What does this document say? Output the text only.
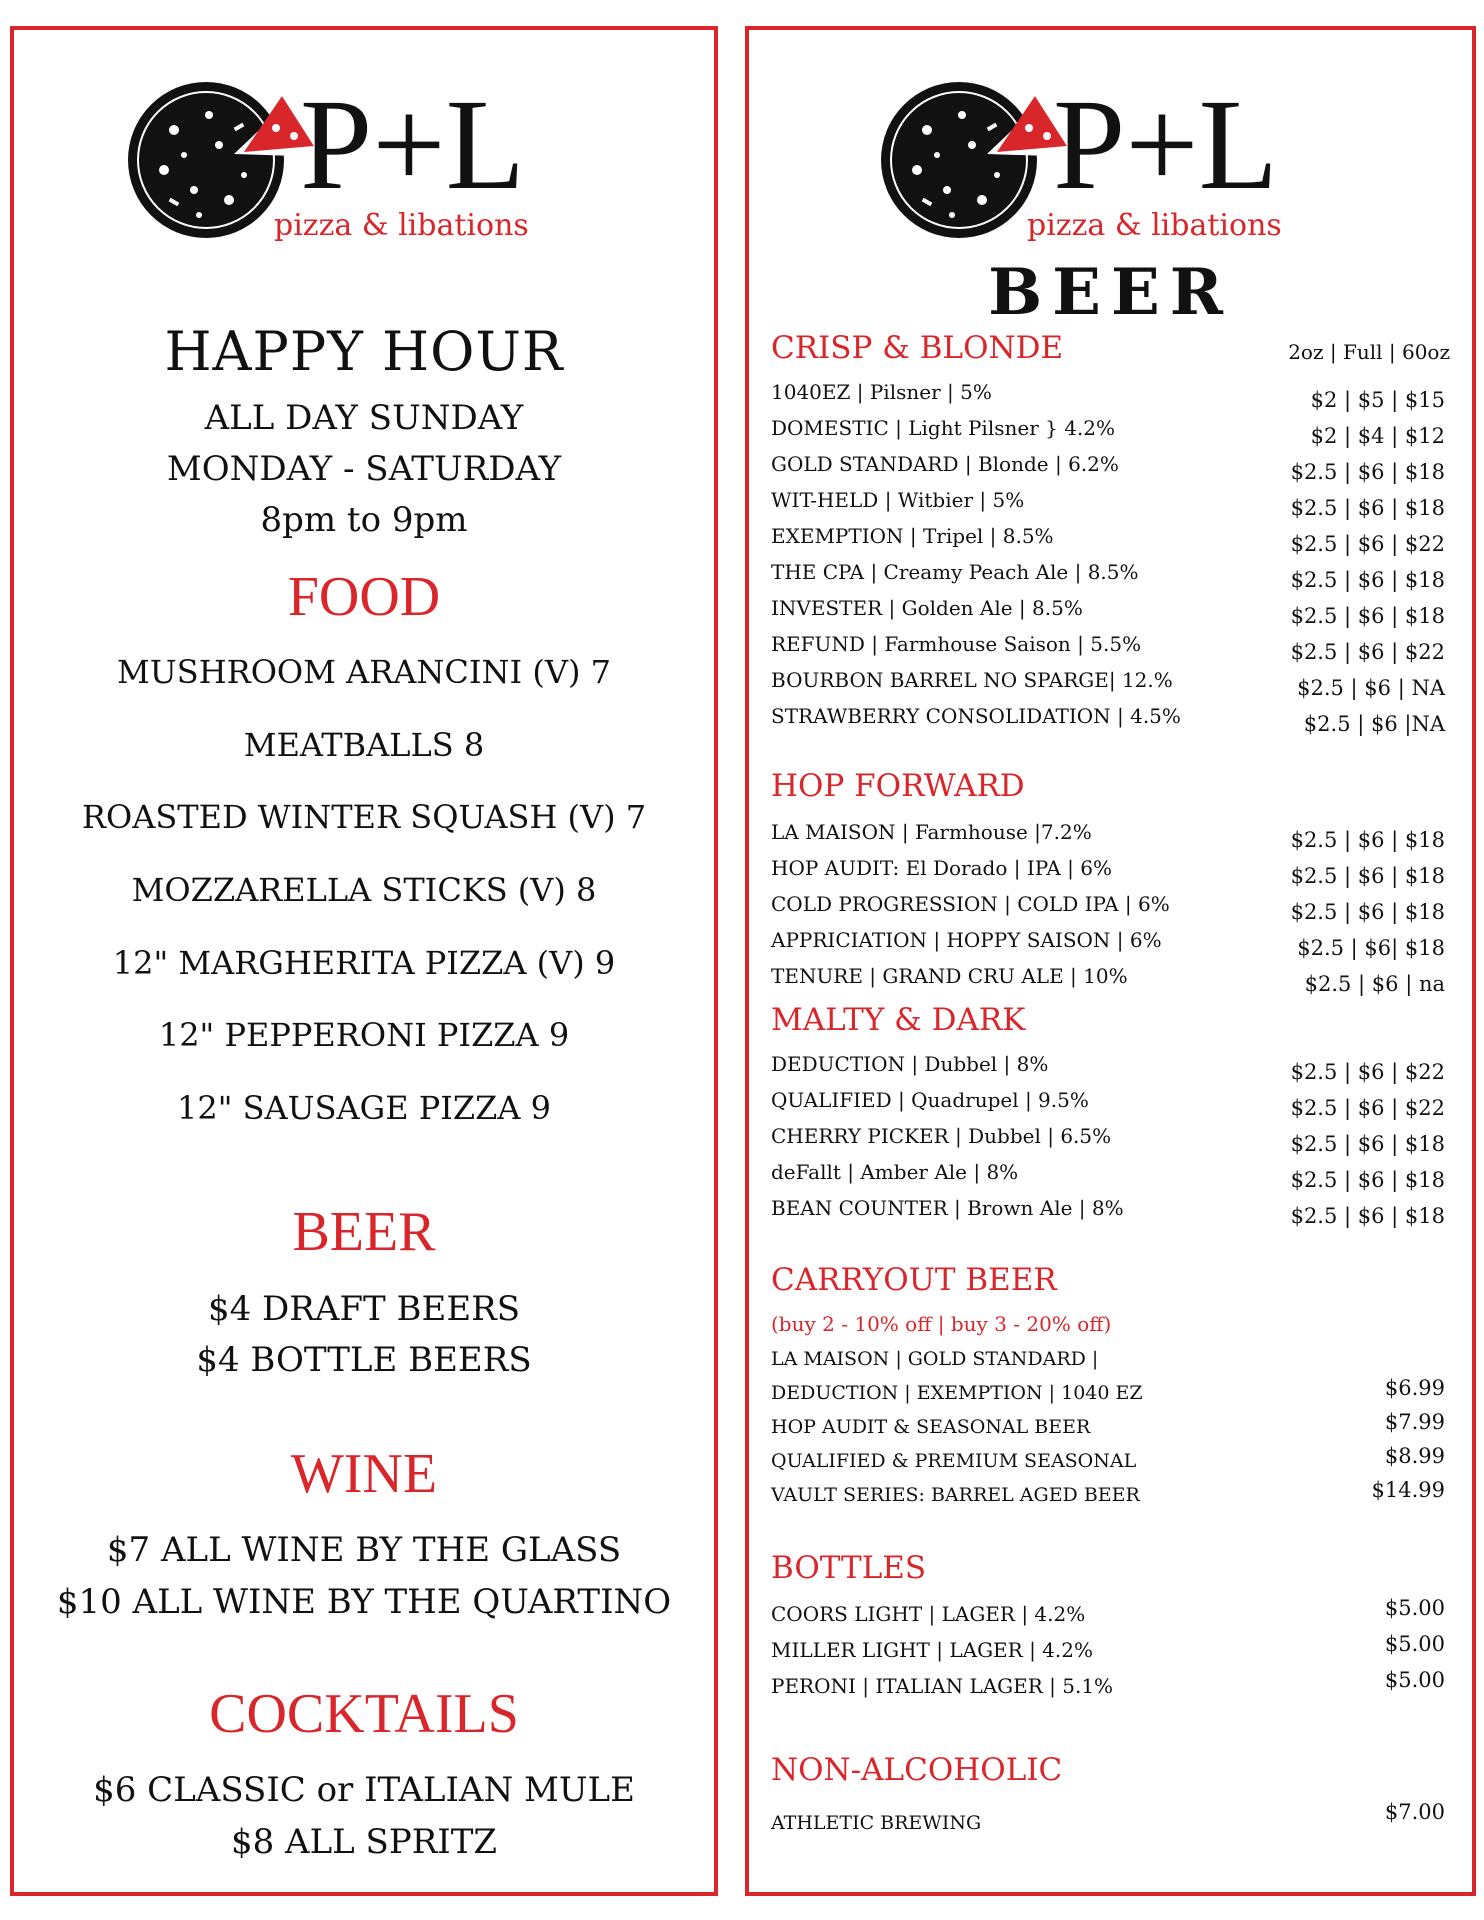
P+L
pizza & libations
HAPPY HOUR
ALL DAY SUNDAY
MONDAY - SATURDAY
8pm to 9pm
FOOD
MUSHROOM ARANCINI (V) 7
MEATBALLS 8
ROASTED WINTER SQUASH (V) 7
MOZZARELLA STICKS (V) 8
12" MARGHERITA PIZZA (V) 9
12" PEPPERONI PIZZA 9
12" SAUSAGE PIZZA 9
BEER
$4 DRAFT BEERS
$4 BOTTLE BEERS
WINE
$7 ALL WINE BY THE GLASS
$10 ALL WINE BY THE QUARTINO
COCKTAILS
$6 CLASSIC or ITALIAN MULE
$8 ALL SPRITZ
P+L
pizza & libations
BEER
CRISP & BLONDE	2oz | Full | 60oz
1040EZ | Pilsner | 5%	$2 | $5 | $15
DOMESTIC | Light Pilsner } 4.2%	$2 | $4 | $12
GOLD STANDARD | Blonde | 6.2%	$2.5 | $6 | $18
WIT-HELD | Witbier | 5%	$2.5 | $6 | $18
EXEMPTION | Tripel | 8.5%	$2.5 | $6 | $22
THE CPA | Creamy Peach Ale | 8.5%	$2.5 | $6 | $18
INVESTER | Golden Ale | 8.5%	$2.5 | $6 | $18
REFUND | Farmhouse Saison | 5.5%	$2.5 | $6 | $22
BOURBON BARREL NO SPARGE| 12.%	$2.5 | $6 | NA
STRAWBERRY CONSOLIDATION | 4.5%	$2.5 | $6 |NA
HOP FORWARD
LA MAISON | Farmhouse |7.2%	$2.5 | $6 | $18
HOP AUDIT: El Dorado | IPA | 6%	$2.5 | $6 | $18
COLD PROGRESSION | COLD IPA | 6%	$2.5 | $6 | $18
APPRICIATION | HOPPY SAISON | 6%	$2.5 | $6| $18
TENURE | GRAND CRU ALE | 10%	$2.5 | $6 | na
MALTY & DARK
DEDUCTION | Dubbel | 8%	$2.5 | $6 | $22
QUALIFIED | Quadrupel | 9.5%	$2.5 | $6 | $22
CHERRY PICKER | Dubbel | 6.5%	$2.5 | $6 | $18
deFallt | Amber Ale | 8%	$2.5 | $6 | $18
BEAN COUNTER | Brown Ale | 8%	$2.5 | $6 | $18
CARRYOUT BEER
(buy 2 - 10% off | buy 3 - 20% off)
LA MAISON | GOLD STANDARD |
DEDUCTION | EXEMPTION | 1040 EZ	$6.99
HOP AUDIT & SEASONAL BEER	$7.99
QUALIFIED & PREMIUM SEASONAL	$8.99
VAULT SERIES: BARREL AGED BEER	$14.99
BOTTLES
COORS LIGHT | LAGER | 4.2%	$5.00
MILLER LIGHT | LAGER | 4.2%	$5.00
PERONI | ITALIAN LAGER | 5.1%	$5.00
NON-ALCOHOLIC
ATHLETIC BREWING	$7.00
